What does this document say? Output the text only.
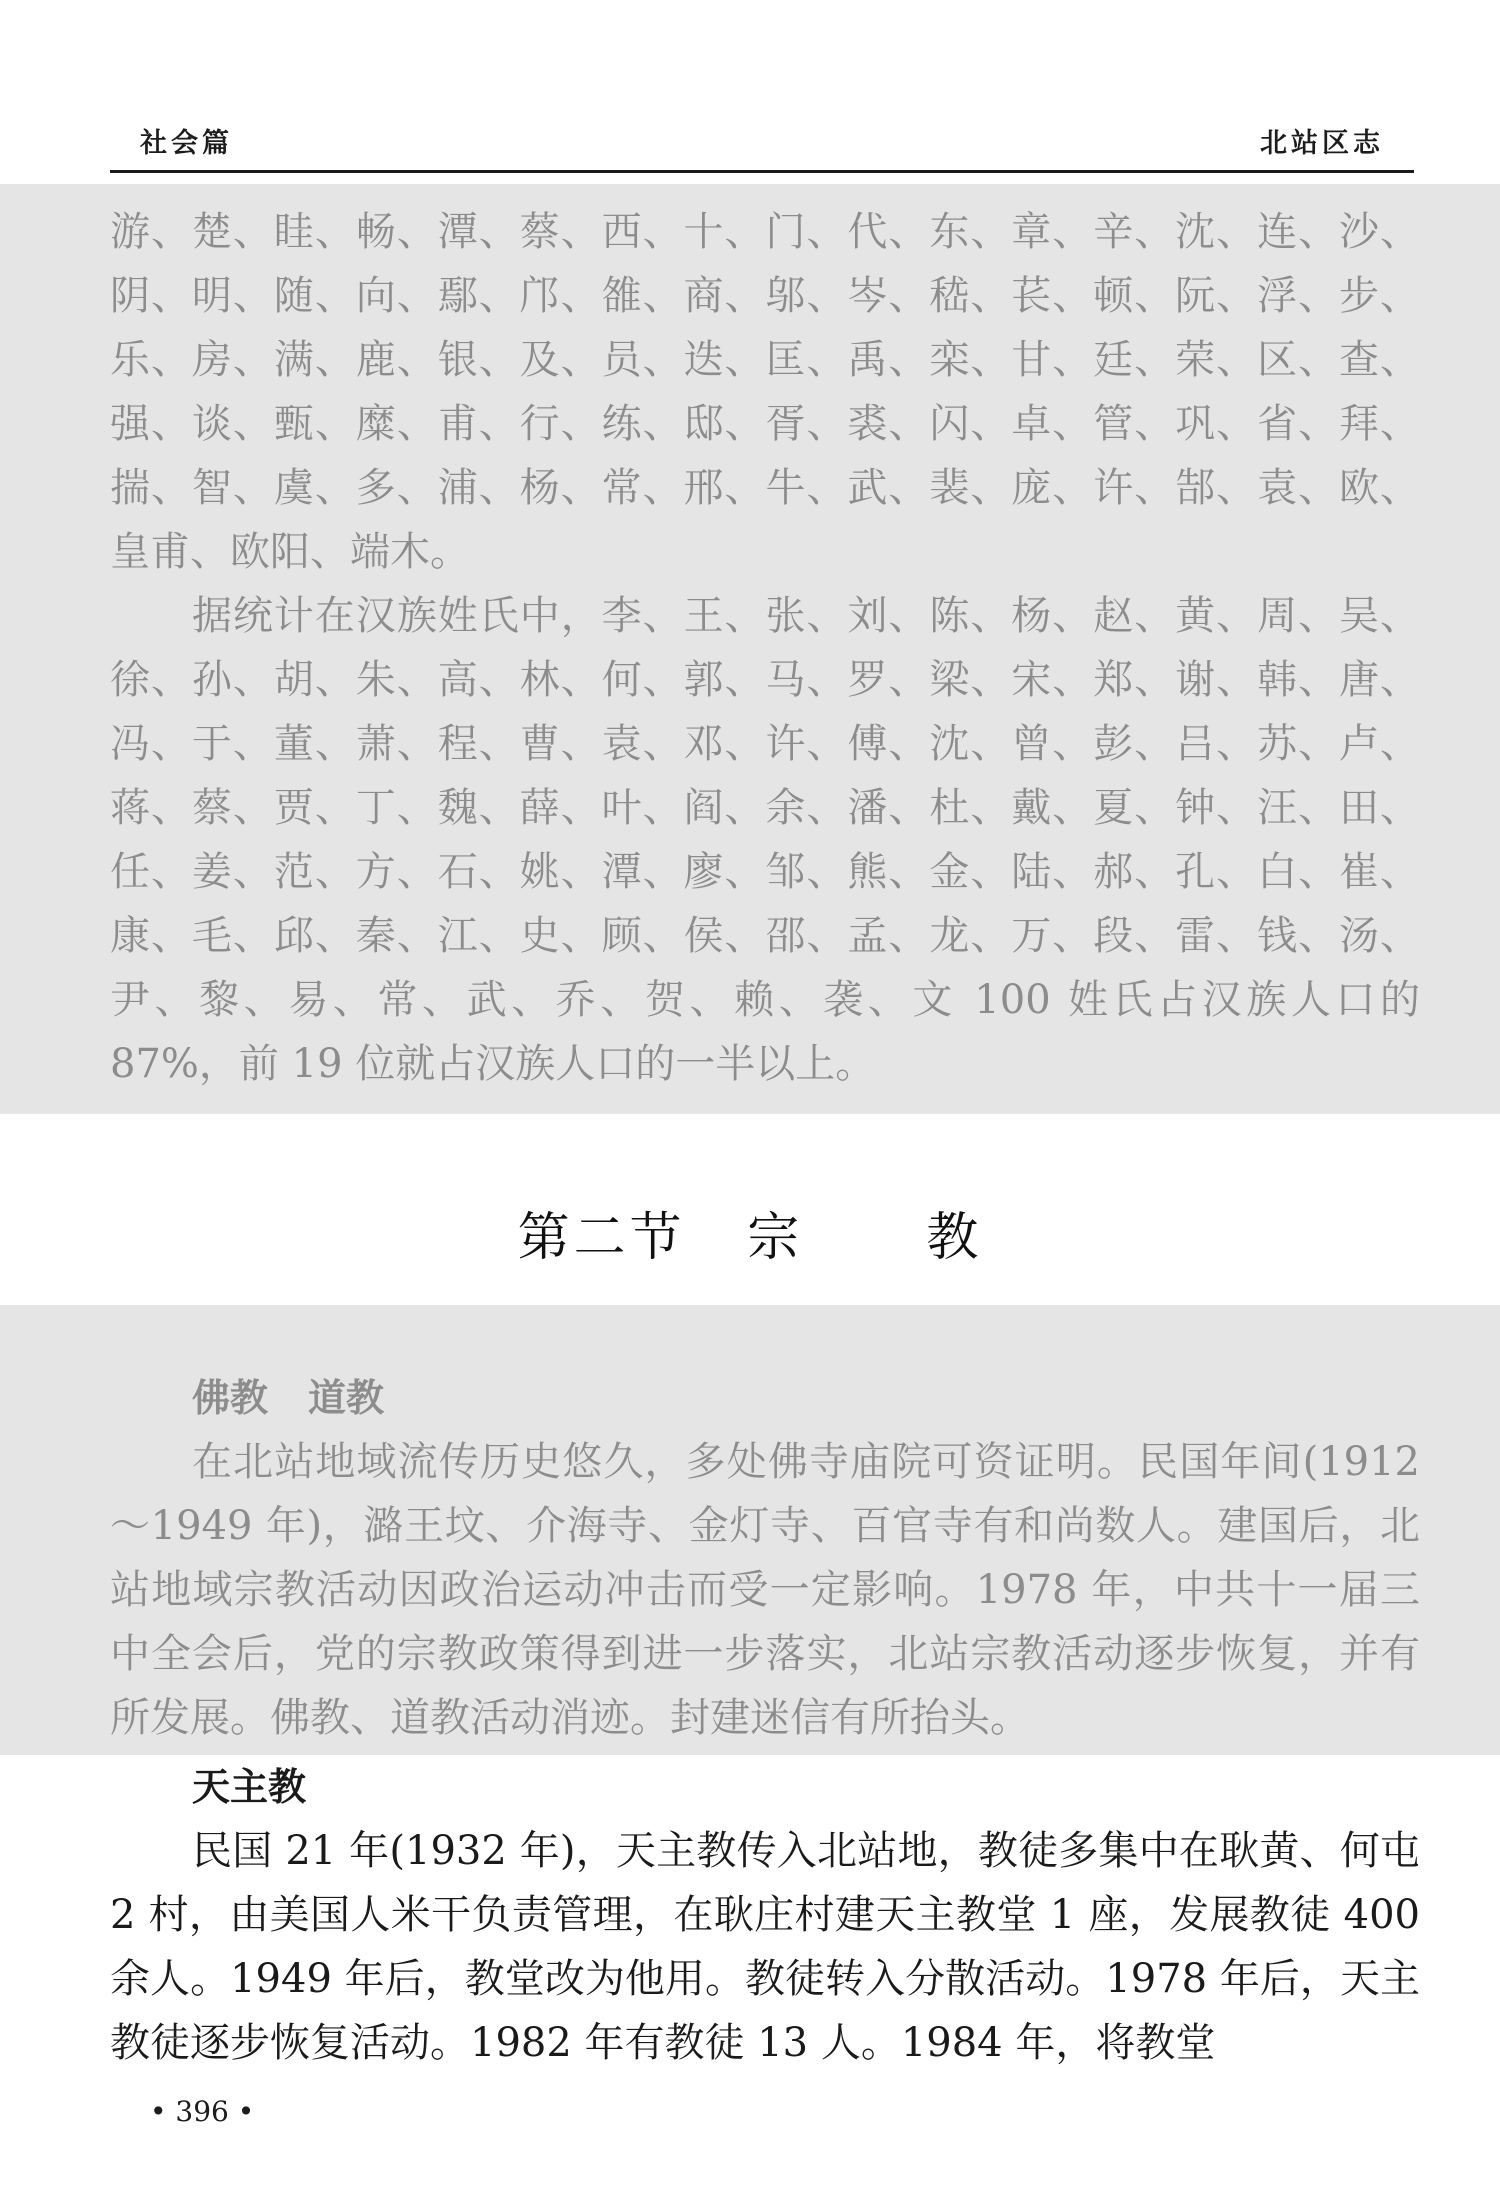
社会篇	北站区志

游、楚、眭、畅、潭、蔡、西、十、门、代、东、章、辛、沈、连、沙、阴、明、随、向、鄢、邝、雒、商、邬、岑、嵇、苌、顿、阮、浮、步、乐、房、满、鹿、银、及、员、迭、匡、禹、栾、甘、廷、荣、区、查、强、谈、甄、糜、甫、行、练、邸、胥、裘、闪、卓、管、巩、省、拜、揣、智、虞、多、浦、杨、常、邢、牛、武、裴、庞、许、郜、袁、欧、皇甫、欧阳、端木。

据统计在汉族姓氏中，李、王、张、刘、陈、杨、赵、黄、周、吴、徐、孙、胡、朱、高、林、何、郭、马、罗、梁、宋、郑、谢、韩、唐、冯、于、董、萧、程、曹、袁、邓、许、傅、沈、曾、彭、吕、苏、卢、蒋、蔡、贾、丁、魏、薛、叶、阎、余、潘、杜、戴、夏、钟、汪、田、任、姜、范、方、石、姚、潭、廖、邹、熊、金、陆、郝、孔、白、崔、康、毛、邱、秦、江、史、顾、侯、邵、孟、龙、万、段、雷、钱、汤、尹、黎、易、常、武、乔、贺、赖、袭、文 100 姓氏占汉族人口的 87%，前 19 位就占汉族人口的一半以上。

第二节 宗 教

佛教 道教

在北站地域流传历史悠久，多处佛寺庙院可资证明。民国年间(1912～1949 年)，潞王坟、介海寺、金灯寺、百官寺有和尚数人。建国后，北站地域宗教活动因政治运动冲击而受一定影响。1978 年，中共十一届三中全会后，党的宗教政策得到进一步落实，北站宗教活动逐步恢复，并有所发展。佛教、道教活动消迹。封建迷信有所抬头。

天主教

民国 21 年(1932 年)，天主教传入北站地，教徒多集中在耿黄、何屯 2 村，由美国人米干负责管理，在耿庄村建天主教堂 1 座，发展教徒 400 余人。1949 年后，教堂改为他用。教徒转入分散活动。1978 年后，天主教徒逐步恢复活动。1982 年有教徒 13 人。1984 年，将教堂

• 396 •
